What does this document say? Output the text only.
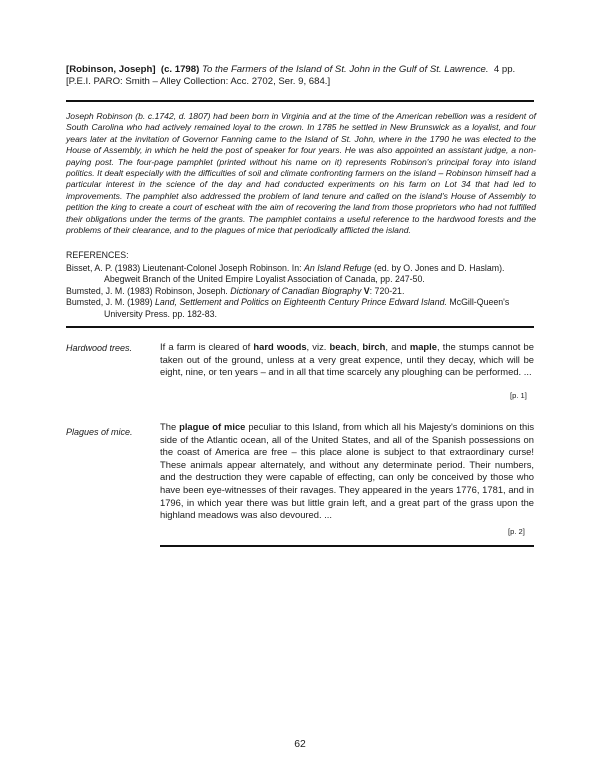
[Robinson, Joseph] (c. 1798) To the Farmers of the Island of St. John in the Gulf of St. Lawrence. 4 pp.
[P.E.I. PARO: Smith – Alley Collection: Acc. 2702, Ser. 9, 684.]
Joseph Robinson (b. c.1742, d. 1807) had been born in Virginia and at the time of the American rebellion was a resident of South Carolina who had actively remained loyal to the crown. In 1785 he settled in New Brunswick as a loyalist, and four years later at the invitation of Governor Fanning came to the Island of St. John, where in the 1790 he was elected to the House of Assembly, in which he held the post of speaker for four years. He was also appointed an assistant judge, a non-paying post. The four-page pamphlet (printed without his name on it) represents Robinson's principal foray into island politics. It dealt especially with the difficulties of soil and climate confronting farmers on the island – Robinson himself had a particular interest in the science of the day and had conducted experiments on his farm on Lot 34 that had led to improvements. The pamphlet also addressed the problem of land tenure and called on the island's House of Assembly to petition the king to create a court of escheat with the aim of recovering the land from those proprietors who had not fulfilled their obligations under the terms of the grants. The pamphlet contains a useful reference to the hardwood forests and the problems of their clearance, and to the plagues of mice that periodically afflicted the island.
REFERENCES:

Bisset, A. P. (1983) Lieutenant-Colonel Joseph Robinson. In: An Island Refuge (ed. by O. Jones and D. Haslam). Abegweit Branch of the United Empire Loyalist Association of Canada, pp. 247-50.

Bumsted, J. M. (1983) Robinson, Joseph. Dictionary of Canadian Biography V: 720-21.

Bumsted, J. M. (1989) Land, Settlement and Politics on Eighteenth Century Prince Edward Island. McGill-Queen's University Press. pp. 182-83.

Hardwood trees.	If a farm is cleared of hard woods, viz. beach, birch, and maple, the stumps cannot be taken out of the ground, unless at a very great expence, until they decay, which will be eight, nine, or ten years – and in all that time scarcely any ploughing can be performed. ...
[p. 1]
Plagues of mice.	The plague of mice peculiar to this Island, from which all his Majesty's dominions on this side of the Atlantic ocean, all of the United States, and all of the Spanish possessions on the coast of America are free – this place alone is subject to that extraordinary curse! These animals appear alternately, and without any determinate period. Their numbers, and the destruction they were capable of effecting, can only be conceived by those who have been eye-witnesses of their ravages. They appeared in the years 1776, 1781, and in 1796, in which year there was but little grain left, and a great part of the grass upon the highland meadows was also devoured. ...
[p. 2]
62
